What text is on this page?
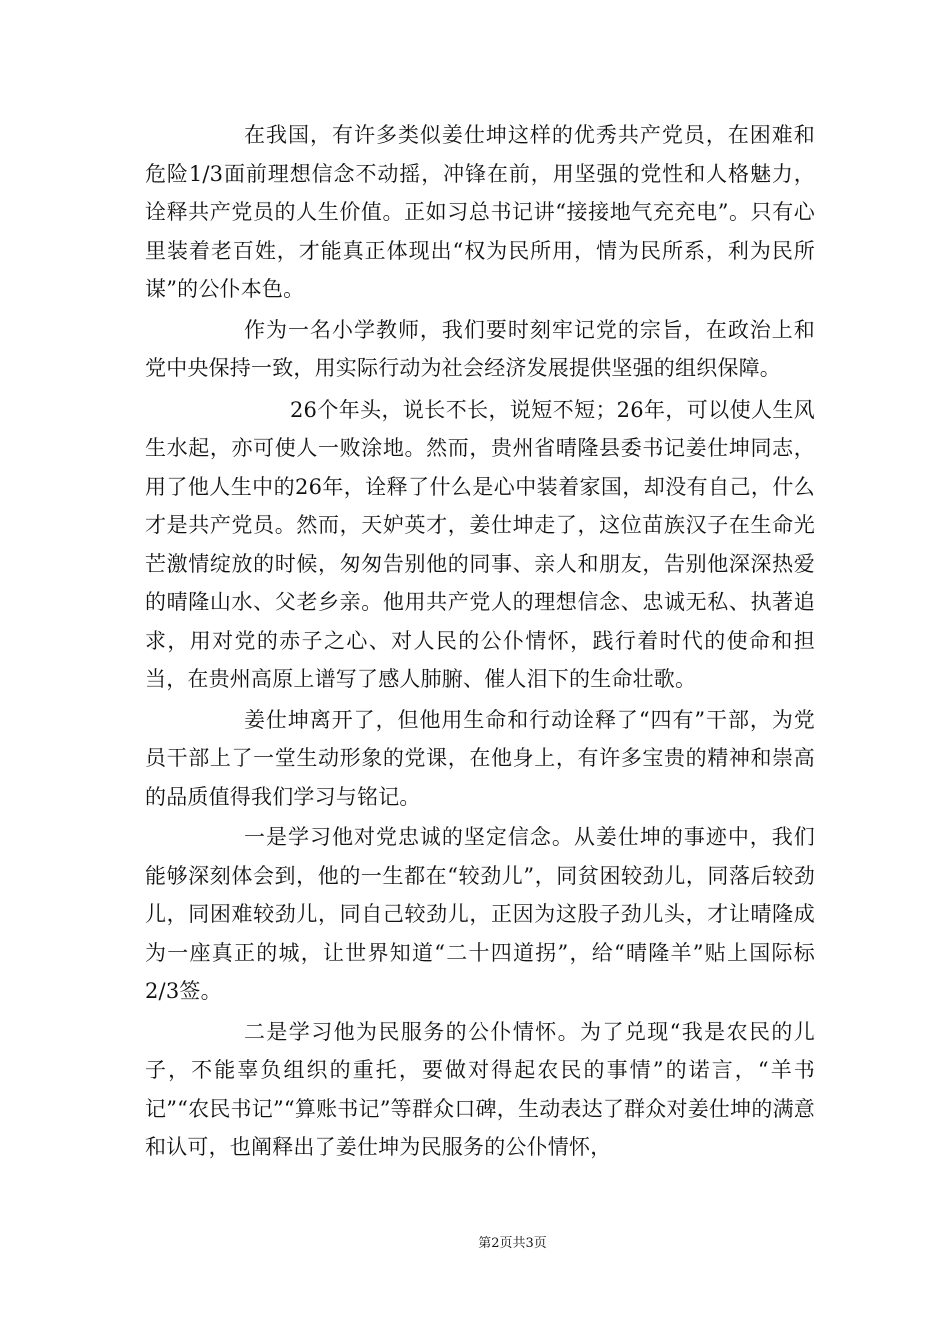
在我国，有许多类似姜仕坤这样的优秀共产党员，在困难和危险1/3面前理想信念不动摇，冲锋在前，用坚强的党性和人格魅力，诠释共产党员的人生价值。正如习总书记讲“接接地气充充电”。只有心里装着老百姓，才能真正体现出“权为民所用，情为民所系，利为民所谋”的公仆本色。

作为一名小学教师，我们要时刻牢记党的宗旨，在政治上和党中央保持一致，用实际行动为社会经济发展提供坚强的组织保障。

26个年头，说长不长，说短不短；26年，可以使人生风生水起，亦可使人一败涂地。然而，贵州省晴隆县委书记姜仕坤同志，用了他人生中的26年，诠释了什么是心中装着家国，却没有自己，什么才是共产党员。然而，天妒英才，姜仕坤走了，这位苗族汉子在生命光芒激情绽放的时候，匆匆告别他的同事、亲人和朋友，告别他深深热爱的晴隆山水、父老乡亲。他用共产党人的理想信念、忠诚无私、执著追求，用对党的赤子之心、对人民的公仆情怀，践行着时代的使命和担当，在贵州高原上谱写了感人肺腑、催人泪下的生命壮歌。

姜仕坤离开了，但他用生命和行动诠释了“四有”干部，为党员干部上了一堂生动形象的党课，在他身上，有许多宝贵的精神和崇高的品质值得我们学习与铭记。

一是学习他对党忠诚的坚定信念。从姜仕坤的事迹中，我们能够深刻体会到，他的一生都在“较劲儿”，同贫困较劲儿，同落后较劲儿，同困难较劲儿，同自己较劲儿，正因为这股子劲儿头，才让晴隆成为一座真正的城，让世界知道“二十四道拐”，给“晴隆羊”贴上国际标2/3签。

二是学习他为民服务的公仆情怀。为了兑现“我是农民的儿子，不能辜负组织的重托，要做对得起农民的事情”的诺言，“羊书记”“农民书记”“算账书记”等群众口碑，生动表达了群众对姜仕坤的满意和认可，也阐释出了姜仕坤为民服务的公仆情怀，

第2页共3页
